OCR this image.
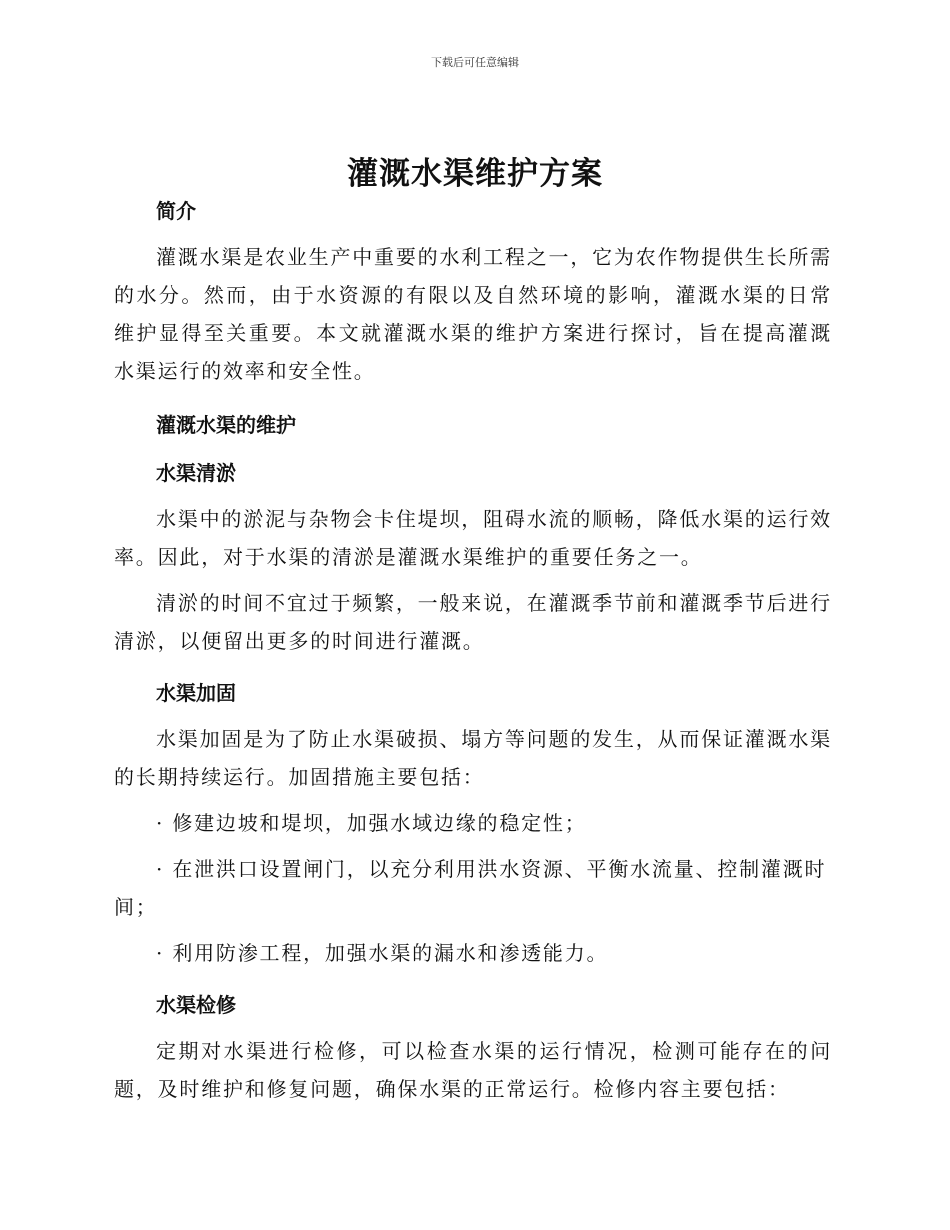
下载后可任意编辑
灌溉水渠维护方案

简介

灌溉水渠是农业生产中重要的水利工程之一，它为农作物提供生长所需的水分。然而，由于水资源的有限以及自然环境的影响，灌溉水渠的日常维护显得至关重要。本文就灌溉水渠的维护方案进行探讨，旨在提高灌溉水渠运行的效率和安全性。

灌溉水渠的维护

水渠清淤

水渠中的淤泥与杂物会卡住堤坝，阻碍水流的顺畅，降低水渠的运行效率。因此，对于水渠的清淤是灌溉水渠维护的重要任务之一。

清淤的时间不宜过于频繁，一般来说，在灌溉季节前和灌溉季节后进行清淤，以便留出更多的时间进行灌溉。

水渠加固

水渠加固是为了防止水渠破损、塌方等问题的发生，从而保证灌溉水渠的长期持续运行。加固措施主要包括：

· 修建边坡和堤坝，加强水域边缘的稳定性；

· 在泄洪口设置闸门，以充分利用洪水资源、平衡水流量、控制灌溉时间；

· 利用防渗工程，加强水渠的漏水和渗透能力。

水渠检修

定期对水渠进行检修，可以检查水渠的运行情况，检测可能存在的问题，及时维护和修复问题，确保水渠的正常运行。检修内容主要包括：
